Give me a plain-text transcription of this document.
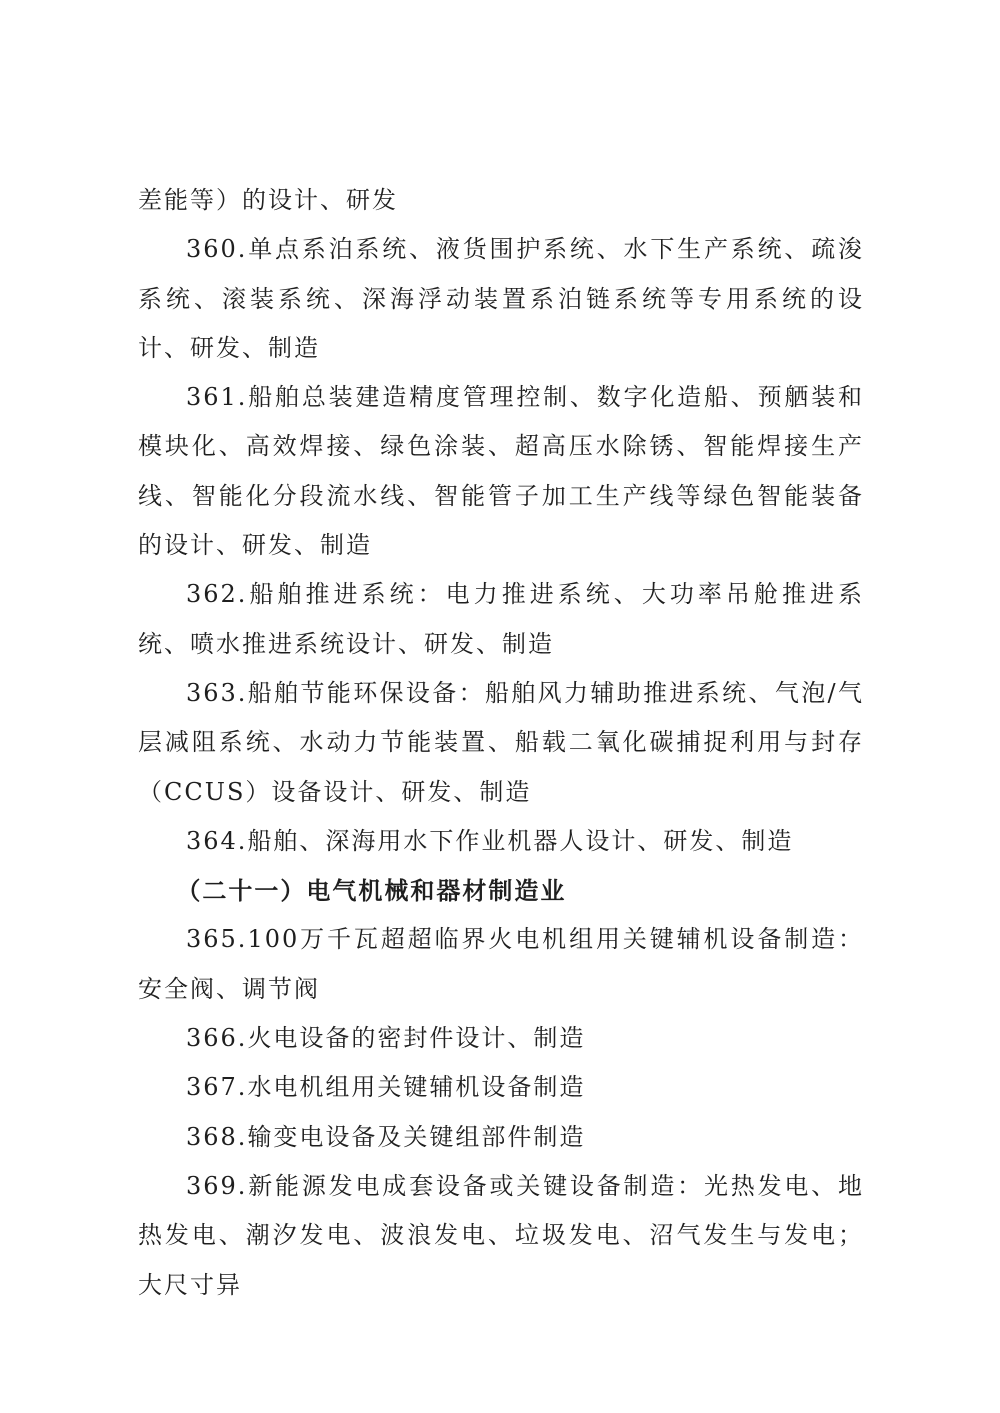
差能等）的设计、研发

360.单点系泊系统、液货围护系统、水下生产系统、疏浚系统、滚装系统、深海浮动装置系泊链系统等专用系统的设计、研发、制造

361.船舶总装建造精度管理控制、数字化造船、预舾装和模块化、高效焊接、绿色涂装、超高压水除锈、智能焊接生产线、智能化分段流水线、智能管子加工生产线等绿色智能装备的设计、研发、制造

362.船舶推进系统：电力推进系统、大功率吊舱推进系统、喷水推进系统设计、研发、制造

363.船舶节能环保设备：船舶风力辅助推进系统、气泡/气层减阻系统、水动力节能装置、船载二氧化碳捕捉利用与封存（CCUS）设备设计、研发、制造

364.船舶、深海用水下作业机器人设计、研发、制造

（二十一）电气机械和器材制造业

365.100万千瓦超超临界火电机组用关键辅机设备制造：安全阀、调节阀

366.火电设备的密封件设计、制造

367.水电机组用关键辅机设备制造

368.输变电设备及关键组部件制造

369.新能源发电成套设备或关键设备制造：光热发电、地热发电、潮汐发电、波浪发电、垃圾发电、沼气发生与发电；大尺寸异
